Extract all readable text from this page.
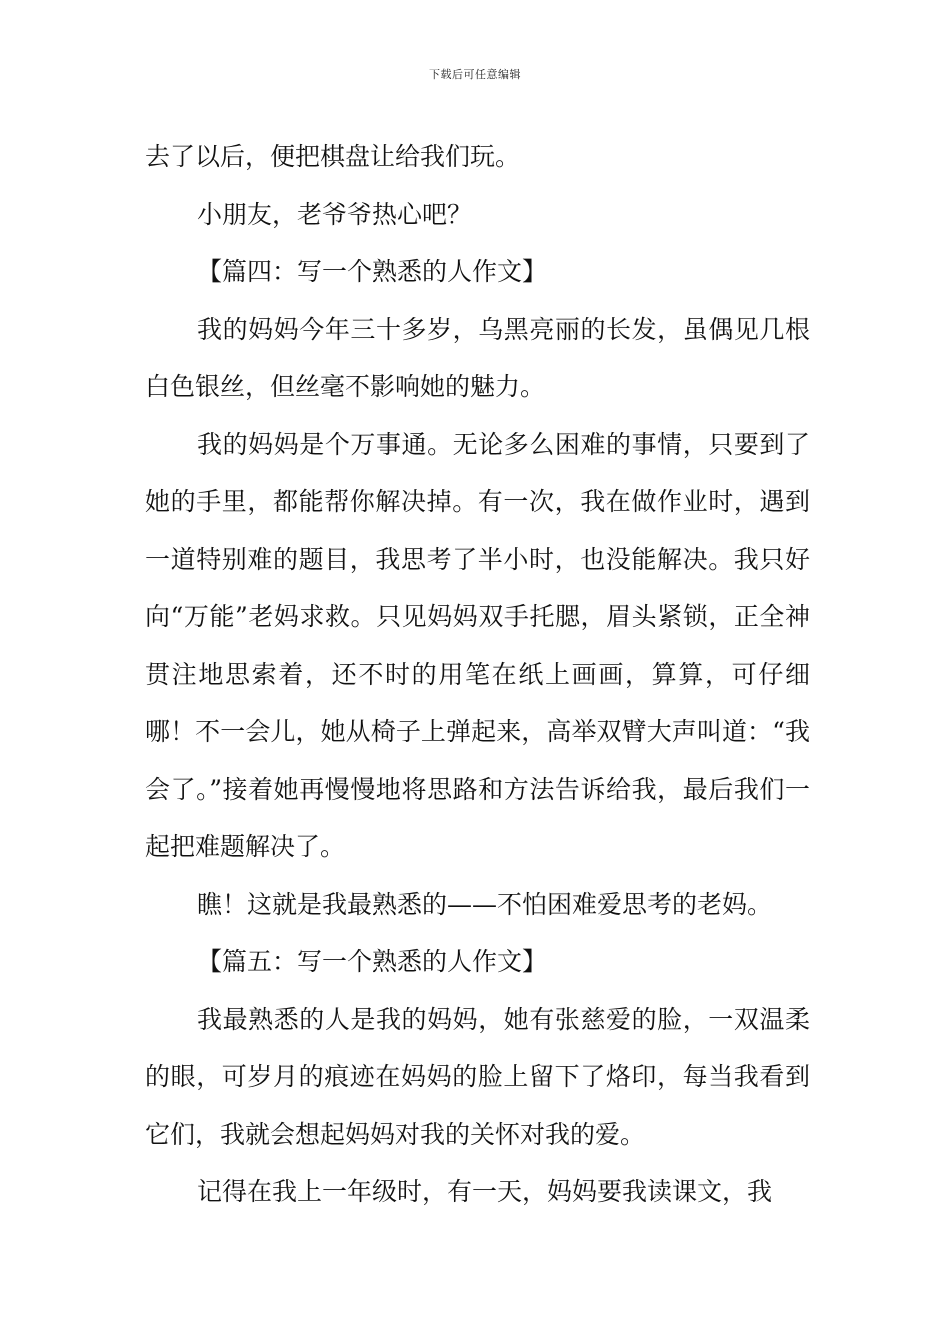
下载后可任意编辑

去了以后，便把棋盘让给我们玩。

小朋友，老爷爷热心吧？

【篇四：写一个熟悉的人作文】

我的妈妈今年三十多岁，乌黑亮丽的长发，虽偶见几根白色银丝，但丝毫不影响她的魅力。

我的妈妈是个万事通。无论多么困难的事情，只要到了她的手里，都能帮你解决掉。有一次，我在做作业时，遇到一道特别难的题目，我思考了半小时，也没能解决。我只好向“万能”老妈求救。只见妈妈双手托腮，眉头紧锁，正全神贯注地思索着，还不时的用笔在纸上画画，算算，可仔细哪！不一会儿，她从椅子上弹起来，高举双臂大声叫道：“我会了。”接着她再慢慢地将思路和方法告诉给我，最后我们一起把难题解决了。

瞧！这就是我最熟悉的——不怕困难爱思考的老妈。

【篇五：写一个熟悉的人作文】

我最熟悉的人是我的妈妈，她有张慈爱的脸，一双温柔的眼，可岁月的痕迹在妈妈的脸上留下了烙印，每当我看到它们，我就会想起妈妈对我的关怀对我的爱。

记得在我上一年级时，有一天，妈妈要我读课文，我
